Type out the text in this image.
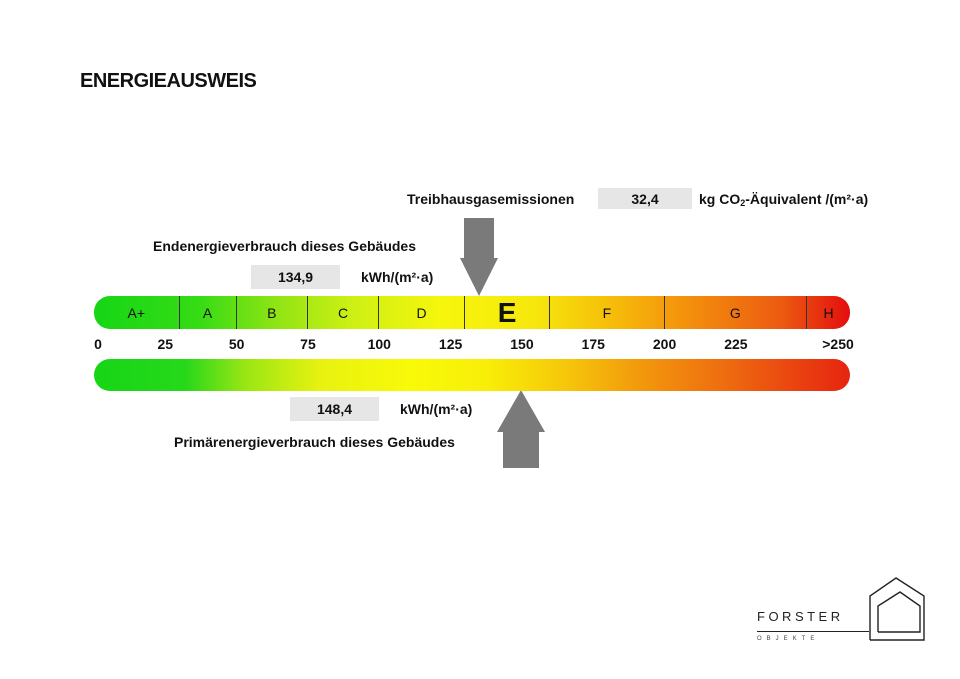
ENERGIEAUSWEIS
Treibhausgasemissionen	32,4	kg $CO_2$-Äquivalent /(m²·a)
Endenergieverbrauch dieses Gebäudes
134,9	kWh/(m²·a)
A+	A	B	C	D	E	F	G	H
0	25	50	75	100	125	150	175	200	225	>250
148,4	kWh/(m²·a)
Primärenergieverbrauch dieses Gebäudes
FORSTER
OBJEKTE
